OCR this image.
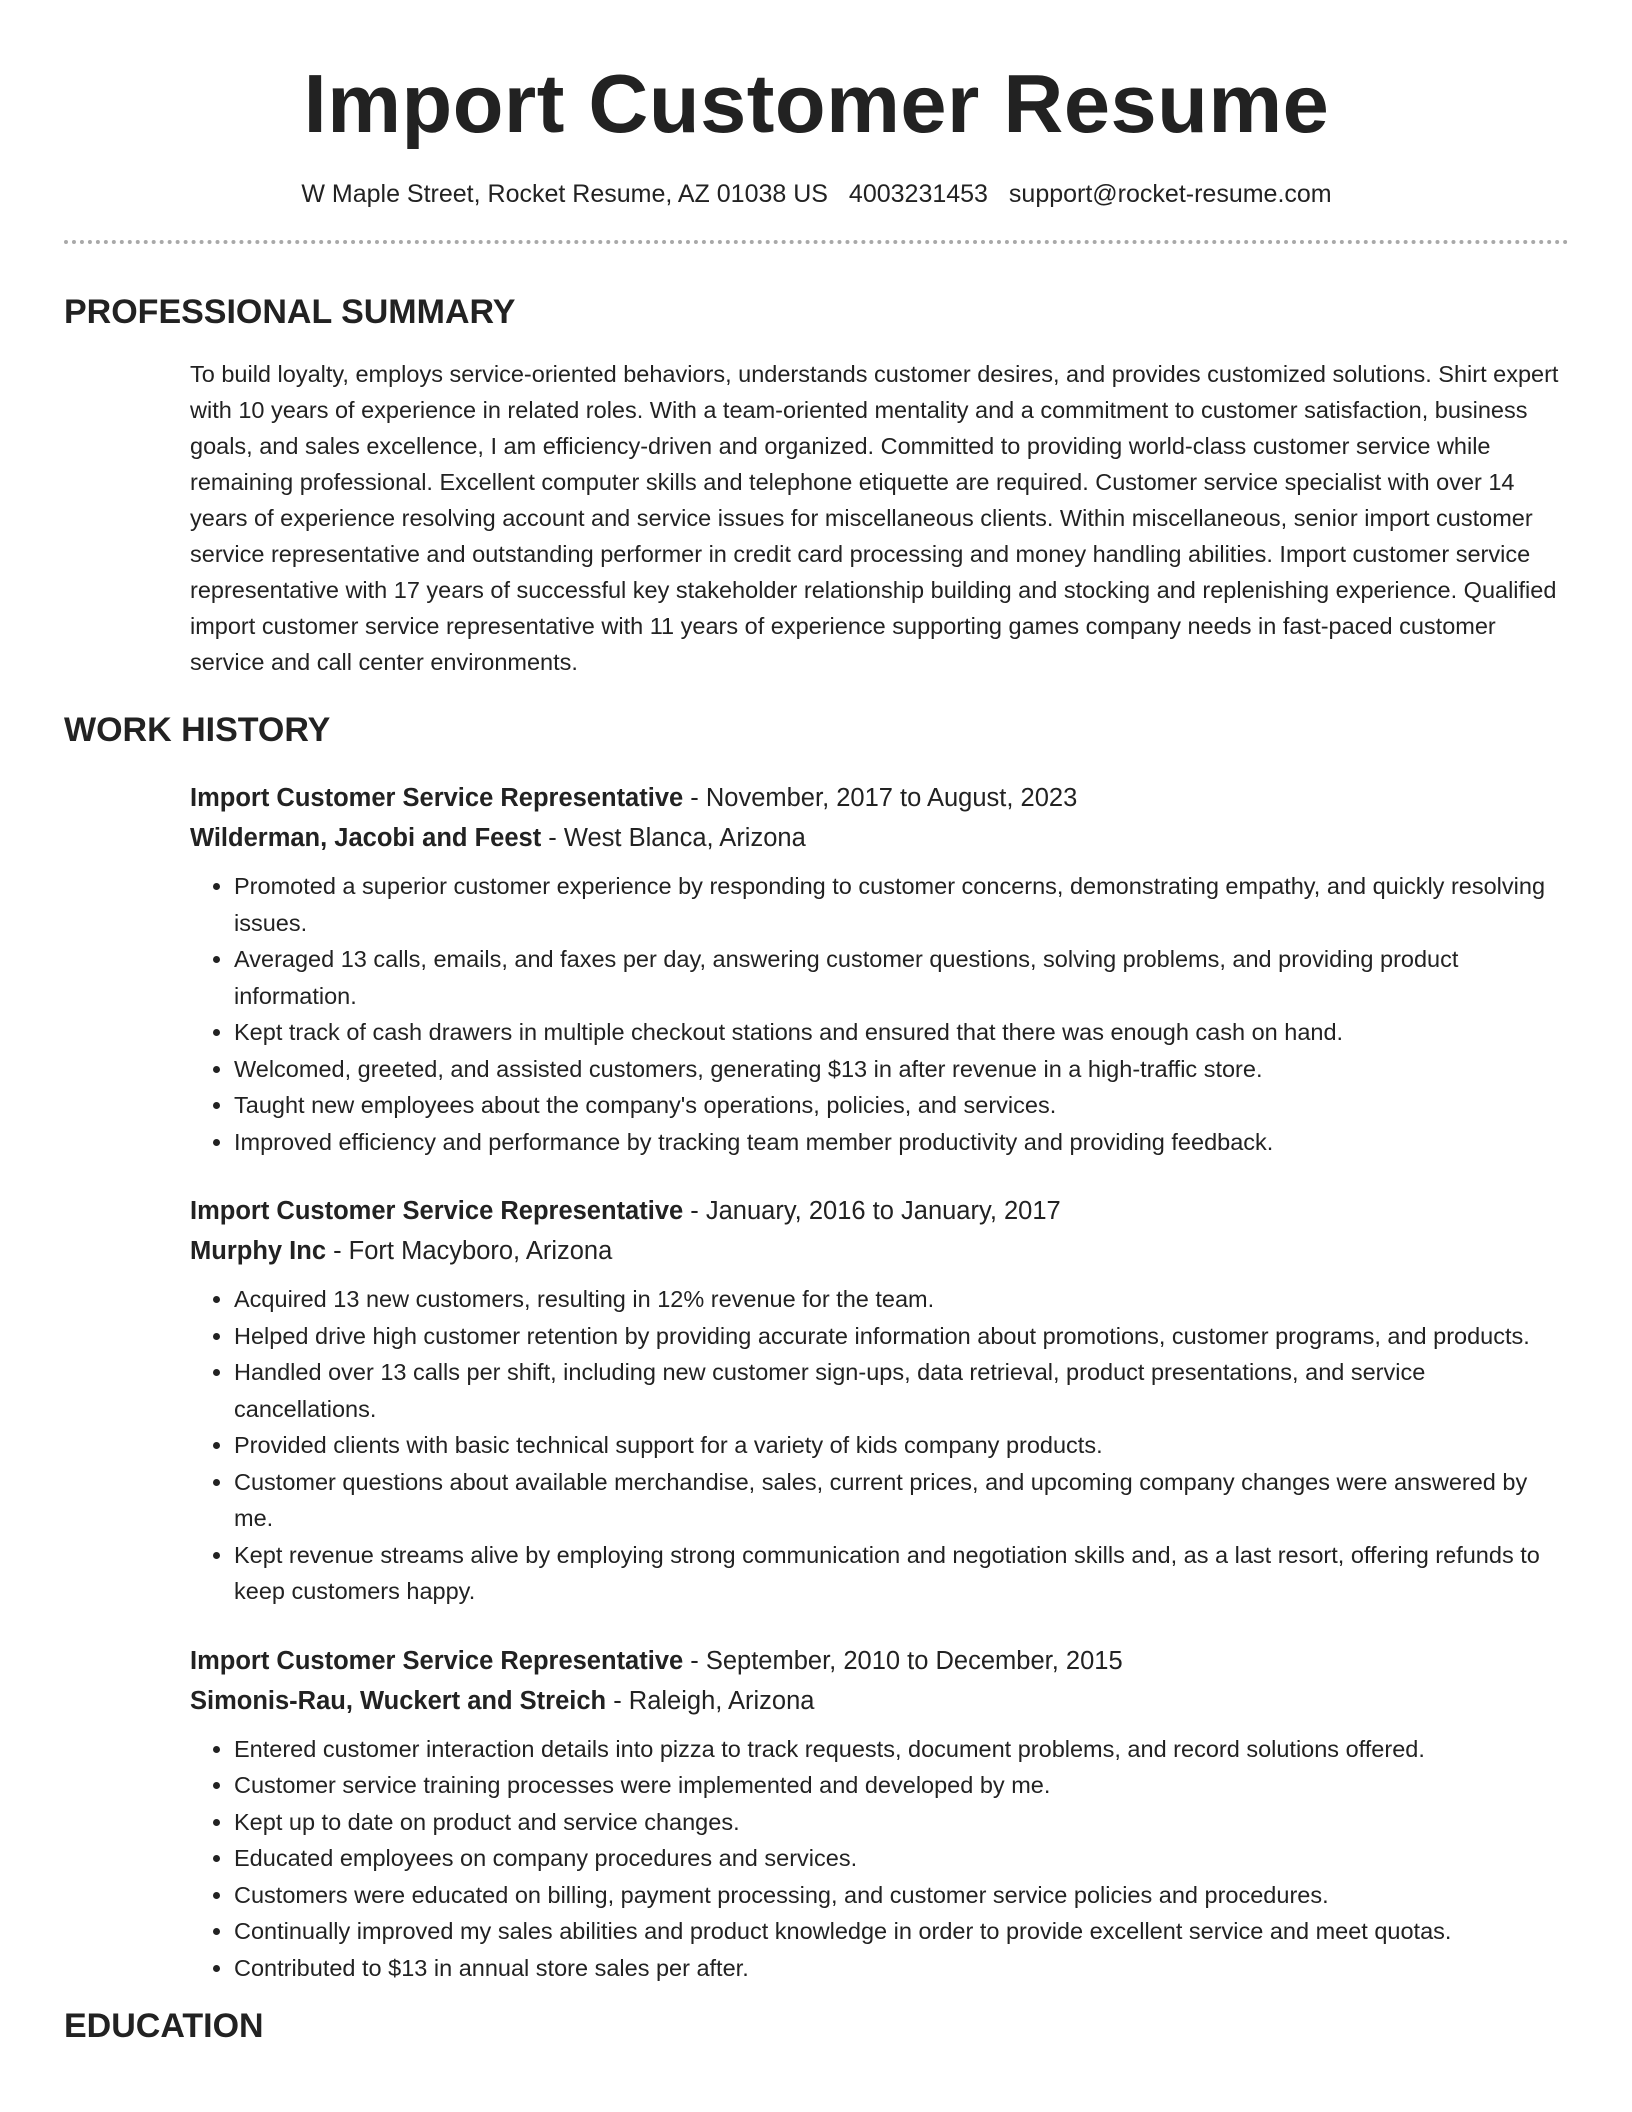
Import Customer Resume
W Maple Street, Rocket Resume, AZ 01038 US 4003231453 support@rocket-resume.com
PROFESSIONAL SUMMARY

To build loyalty, employs service-oriented behaviors, understands customer desires, and provides customized solutions. Shirt expert with 10 years of experience in related roles. With a team-oriented mentality and a commitment to customer satisfaction, business goals, and sales excellence, I am efficiency-driven and organized. Committed to providing world-class customer service while remaining professional. Excellent computer skills and telephone etiquette are required. Customer service specialist with over 14 years of experience resolving account and service issues for miscellaneous clients. Within miscellaneous, senior import customer service representative and outstanding performer in credit card processing and money handling abilities. Import customer service representative with 17 years of successful key stakeholder relationship building and stocking and replenishing experience. Qualified import customer service representative with 11 years of experience supporting games company needs in fast-paced customer service and call center environments.

WORK HISTORY
Import Customer Service Representative - November, 2017 to August, 2023
Wilderman, Jacobi and Feest - West Blanca, Arizona
• Promoted a superior customer experience by responding to customer concerns, demonstrating empathy, and quickly resolving issues.
• Averaged 13 calls, emails, and faxes per day, answering customer questions, solving problems, and providing product information.
• Kept track of cash drawers in multiple checkout stations and ensured that there was enough cash on hand.
• Welcomed, greeted, and assisted customers, generating $13 in after revenue in a high-traffic store.
• Taught new employees about the company's operations, policies, and services.
• Improved efficiency and performance by tracking team member productivity and providing feedback.
Import Customer Service Representative - January, 2016 to January, 2017
Murphy Inc - Fort Macyboro, Arizona
• Acquired 13 new customers, resulting in 12% revenue for the team.
• Helped drive high customer retention by providing accurate information about promotions, customer programs, and products.
• Handled over 13 calls per shift, including new customer sign-ups, data retrieval, product presentations, and service cancellations.
• Provided clients with basic technical support for a variety of kids company products.
• Customer questions about available merchandise, sales, current prices, and upcoming company changes were answered by me.
• Kept revenue streams alive by employing strong communication and negotiation skills and, as a last resort, offering refunds to keep customers happy.
Import Customer Service Representative - September, 2010 to December, 2015
Simonis-Rau, Wuckert and Streich - Raleigh, Arizona
• Entered customer interaction details into pizza to track requests, document problems, and record solutions offered.
• Customer service training processes were implemented and developed by me.
• Kept up to date on product and service changes.
• Educated employees on company procedures and services.
• Customers were educated on billing, payment processing, and customer service policies and procedures.
• Continually improved my sales abilities and product knowledge in order to provide excellent service and meet quotas.
• Contributed to $13 in annual store sales per after.
EDUCATION
